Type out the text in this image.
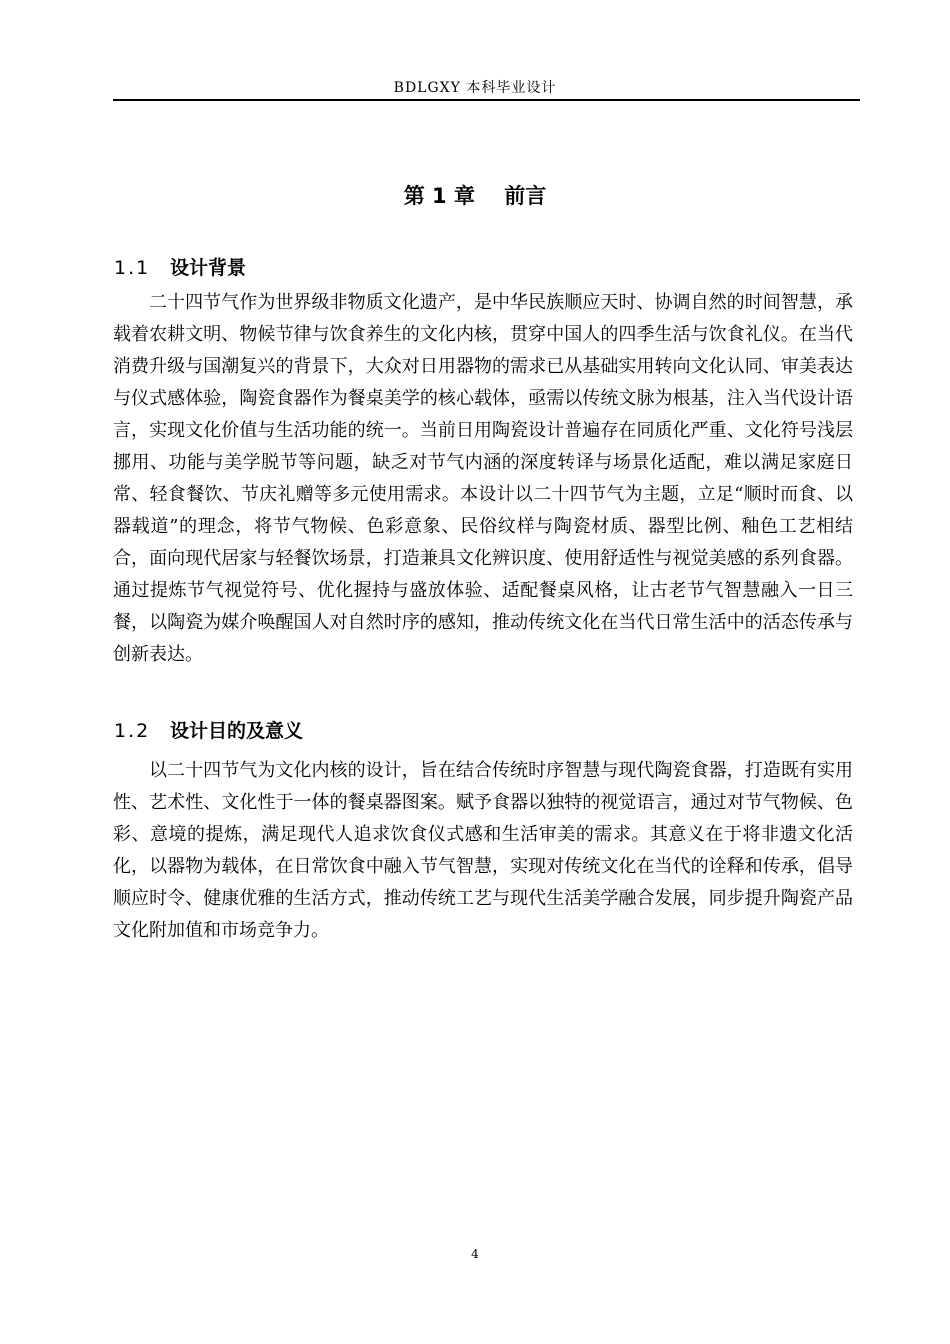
BDLGXY 本科毕业设计
第 1 章    前言
1.1	设计背景

二十四节气作为世界级非物质文化遗产，是中华民族顺应天时、协调自然的时间智慧，承载着农耕文明、物候节律与饮食养生的文化内核，贯穿中国人的四季生活与饮食礼仪。在当代消费升级与国潮复兴的背景下，大众对日用器物的需求已从基础实用转向文化认同、审美表达与仪式感体验，陶瓷食器作为餐桌美学的核心载体，亟需以传统文脉为根基，注入当代设计语言，实现文化价值与生活功能的统一。当前日用陶瓷设计普遍存在同质化严重、文化符号浅层挪用、功能与美学脱节等问题，缺乏对节气内涵的深度转译与场景化适配，难以满足家庭日常、轻食餐饮、节庆礼赠等多元使用需求。本设计以二十四节气为主题，立足“顺时而食、以器载道”的理念，将节气物候、色彩意象、民俗纹样与陶瓷材质、器型比例、釉色工艺相结合，面向现代居家与轻餐饮场景，打造兼具文化辨识度、使用舒适性与视觉美感的系列食器。通过提炼节气视觉符号、优化握持与盛放体验、适配餐桌风格，让古老节气智慧融入一日三餐，以陶瓷为媒介唤醒国人对自然时序的感知，推动传统文化在当代日常生活中的活态传承与创新表达。

1.2	设计目的及意义

以二十四节气为文化内核的设计，旨在结合传统时序智慧与现代陶瓷食器，打造既有实用性、艺术性、文化性于一体的餐桌器图案。赋予食器以独特的视觉语言，通过对节气物候、色彩、意境的提炼，满足现代人追求饮食仪式感和生活审美的需求。其意义在于将非遗文化活化，以器物为载体，在日常饮食中融入节气智慧，实现对传统文化在当代的诠释和传承，倡导顺应时令、健康优雅的生活方式，推动传统工艺与现代生活美学融合发展，同步提升陶瓷产品文化附加值和市场竞争力。

4
